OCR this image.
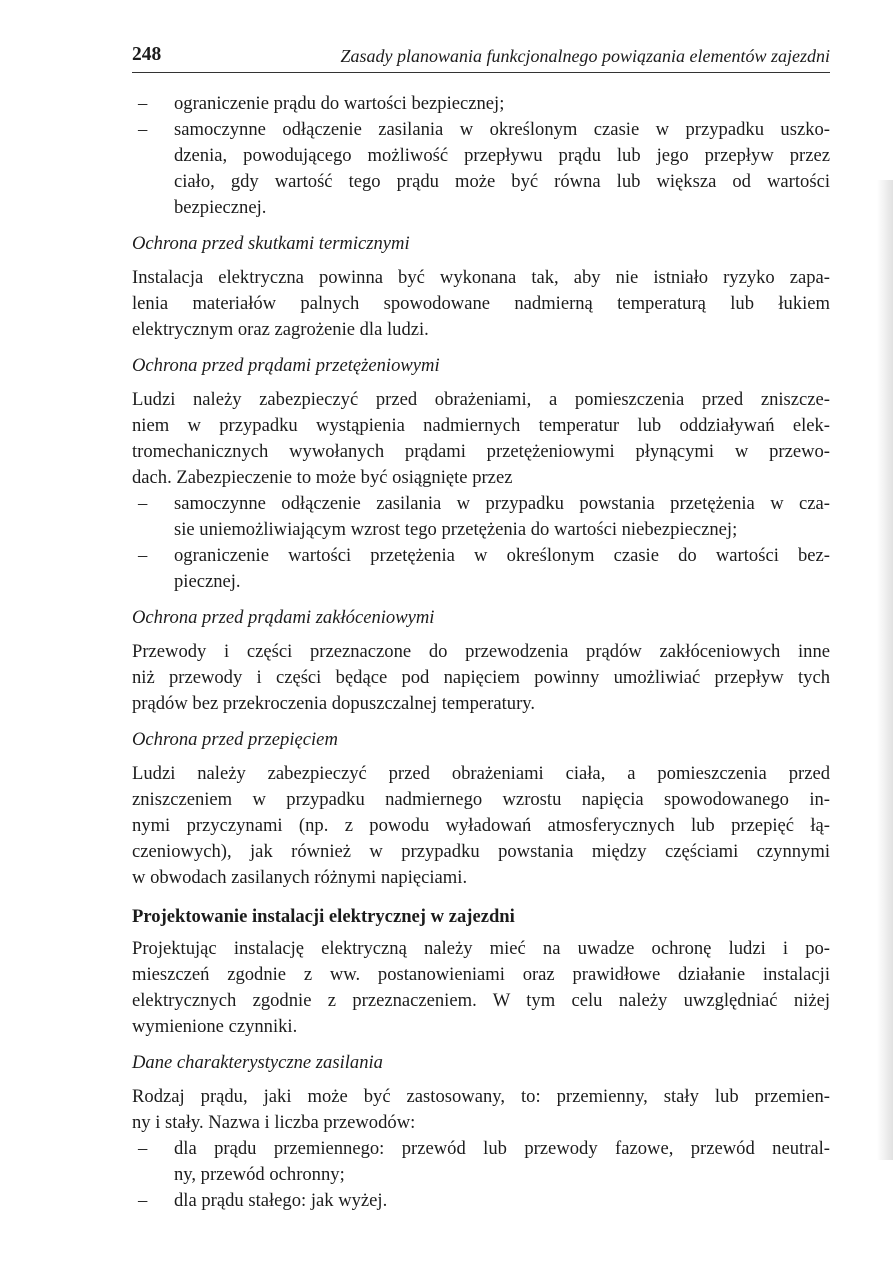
248	Zasady planowania funkcjonalnego powiązania elementów zajezdni
– ograniczenie prądu do wartości bezpiecznej;
– samoczynne odłączenie zasilania w określonym czasie w przypadku uszko-
dzenia, powodującego możliwość przepływu prądu lub jego przepływ przez
ciało, gdy wartość tego prądu może być równa lub większa od wartości
bezpiecznej.

Ochrona przed skutkami termicznymi

Instalacja elektryczna powinna być wykonana tak, aby nie istniało ryzyko zapa-
lenia materiałów palnych spowodowane nadmierną temperaturą lub łukiem
elektrycznym oraz zagrożenie dla ludzi.

Ochrona przed prądami przetężeniowymi

Ludzi należy zabezpieczyć przed obrażeniami, a pomieszczenia przed zniszcze-
niem w przypadku wystąpienia nadmiernych temperatur lub oddziaływań elek-
tromechanicznych wywołanych prądami przetężeniowymi płynącymi w przewo-
dach. Zabezpieczenie to może być osiągnięte przez
– samoczynne odłączenie zasilania w przypadku powstania przetężenia w cza-
sie uniemożliwiającym wzrost tego przetężenia do wartości niebezpiecznej;
– ograniczenie wartości przetężenia w określonym czasie do wartości bez-
piecznej.

Ochrona przed prądami zakłóceniowymi

Przewody i części przeznaczone do przewodzenia prądów zakłóceniowych inne
niż przewody i części będące pod napięciem powinny umożliwiać przepływ tych
prądów bez przekroczenia dopuszczalnej temperatury.

Ochrona przed przepięciem

Ludzi należy zabezpieczyć przed obrażeniami ciała, a pomieszczenia przed
zniszczeniem w przypadku nadmiernego wzrostu napięcia spowodowanego in-
nymi przyczynami (np. z powodu wyładowań atmosferycznych lub przepięć łą-
czeniowych), jak również w przypadku powstania między częściami czynnymi
w obwodach zasilanych różnymi napięciami.

Projektowanie instalacji elektrycznej w zajezdni

Projektując instalację elektryczną należy mieć na uwadze ochronę ludzi i po-
mieszczeń zgodnie z ww. postanowieniami oraz prawidłowe działanie instalacji
elektrycznych zgodnie z przeznaczeniem. W tym celu należy uwzględniać niżej
wymienione czynniki.

Dane charakterystyczne zasilania

Rodzaj prądu, jaki może być zastosowany, to: przemienny, stały lub przemien-
ny i stały. Nazwa i liczba przewodów:
– dla prądu przemiennego: przewód lub przewody fazowe, przewód neutral-
ny, przewód ochronny;
– dla prądu stałego: jak wyżej.
